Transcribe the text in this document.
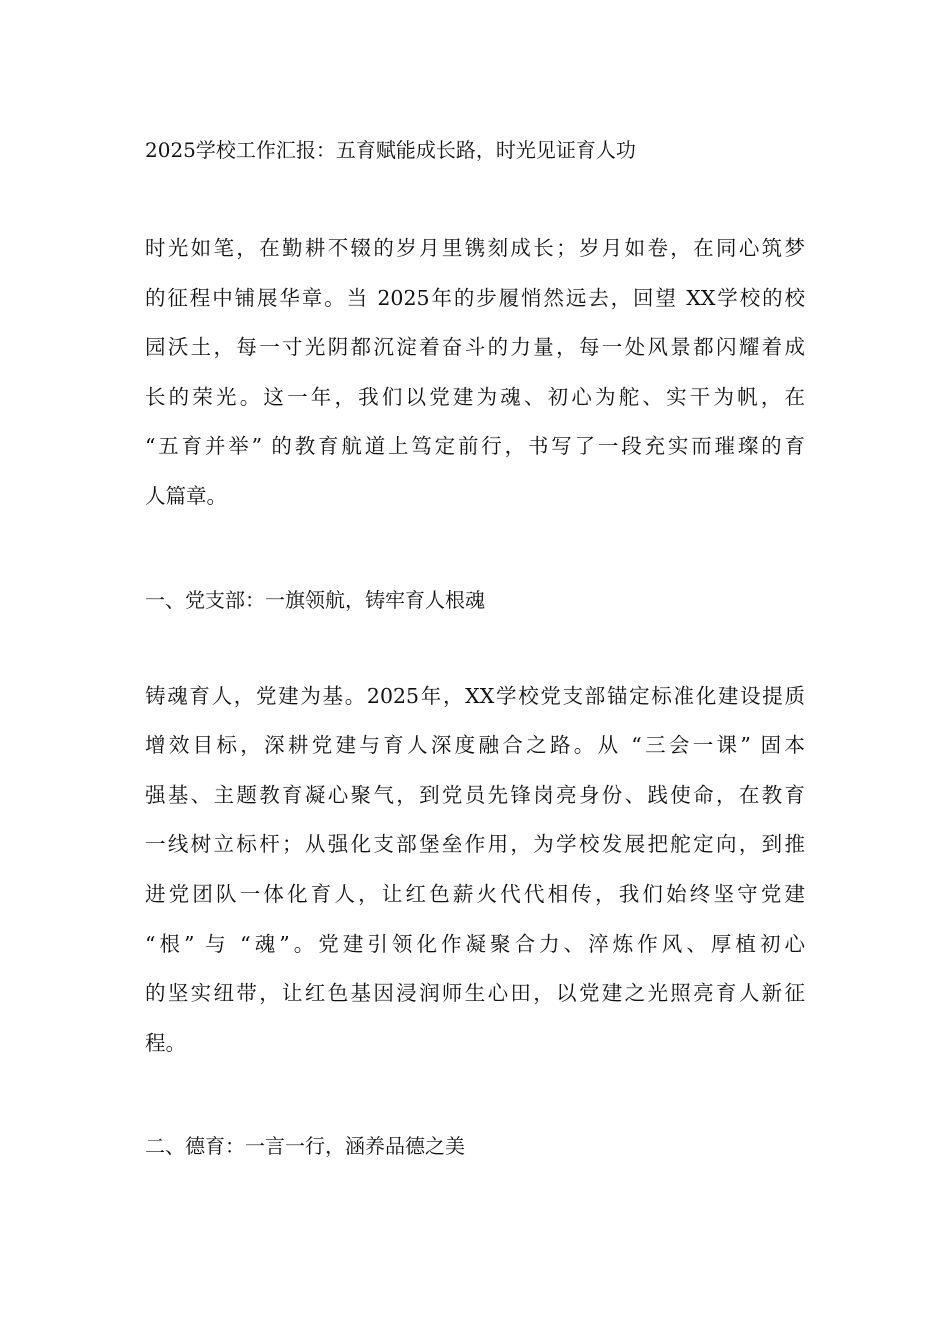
2025学校工作汇报：五育赋能成长路，时光见证育人功
时光如笔，在勤耕不辍的岁月里镌刻成长；岁月如卷，在同心筑梦
的征程中铺展华章。当 2025年的步履悄然远去，回望 XX学校的校
园沃土，每一寸光阴都沉淀着奋斗的力量，每一处风景都闪耀着成
长的荣光。这一年，我们以党建为魂、初心为舵、实干为帆，在
“五育并举” 的教育航道上笃定前行，书写了一段充实而璀璨的育
人篇章。
一、党支部：一旗领航，铸牢育人根魂
铸魂育人，党建为基。2025年，XX学校党支部锚定标准化建设提质
增效目标，深耕党建与育人深度融合之路。从 “三会一课” 固本
强基、主题教育凝心聚气，到党员先锋岗亮身份、践使命，在教育
一线树立标杆；从强化支部堡垒作用，为学校发展把舵定向，到推
进党团队一体化育人，让红色薪火代代相传，我们始终坚守党建
“根” 与 “魂”。党建引领化作凝聚合力、淬炼作风、厚植初心
的坚实纽带，让红色基因浸润师生心田，以党建之光照亮育人新征
程。
二、德育：一言一行，涵养品德之美
